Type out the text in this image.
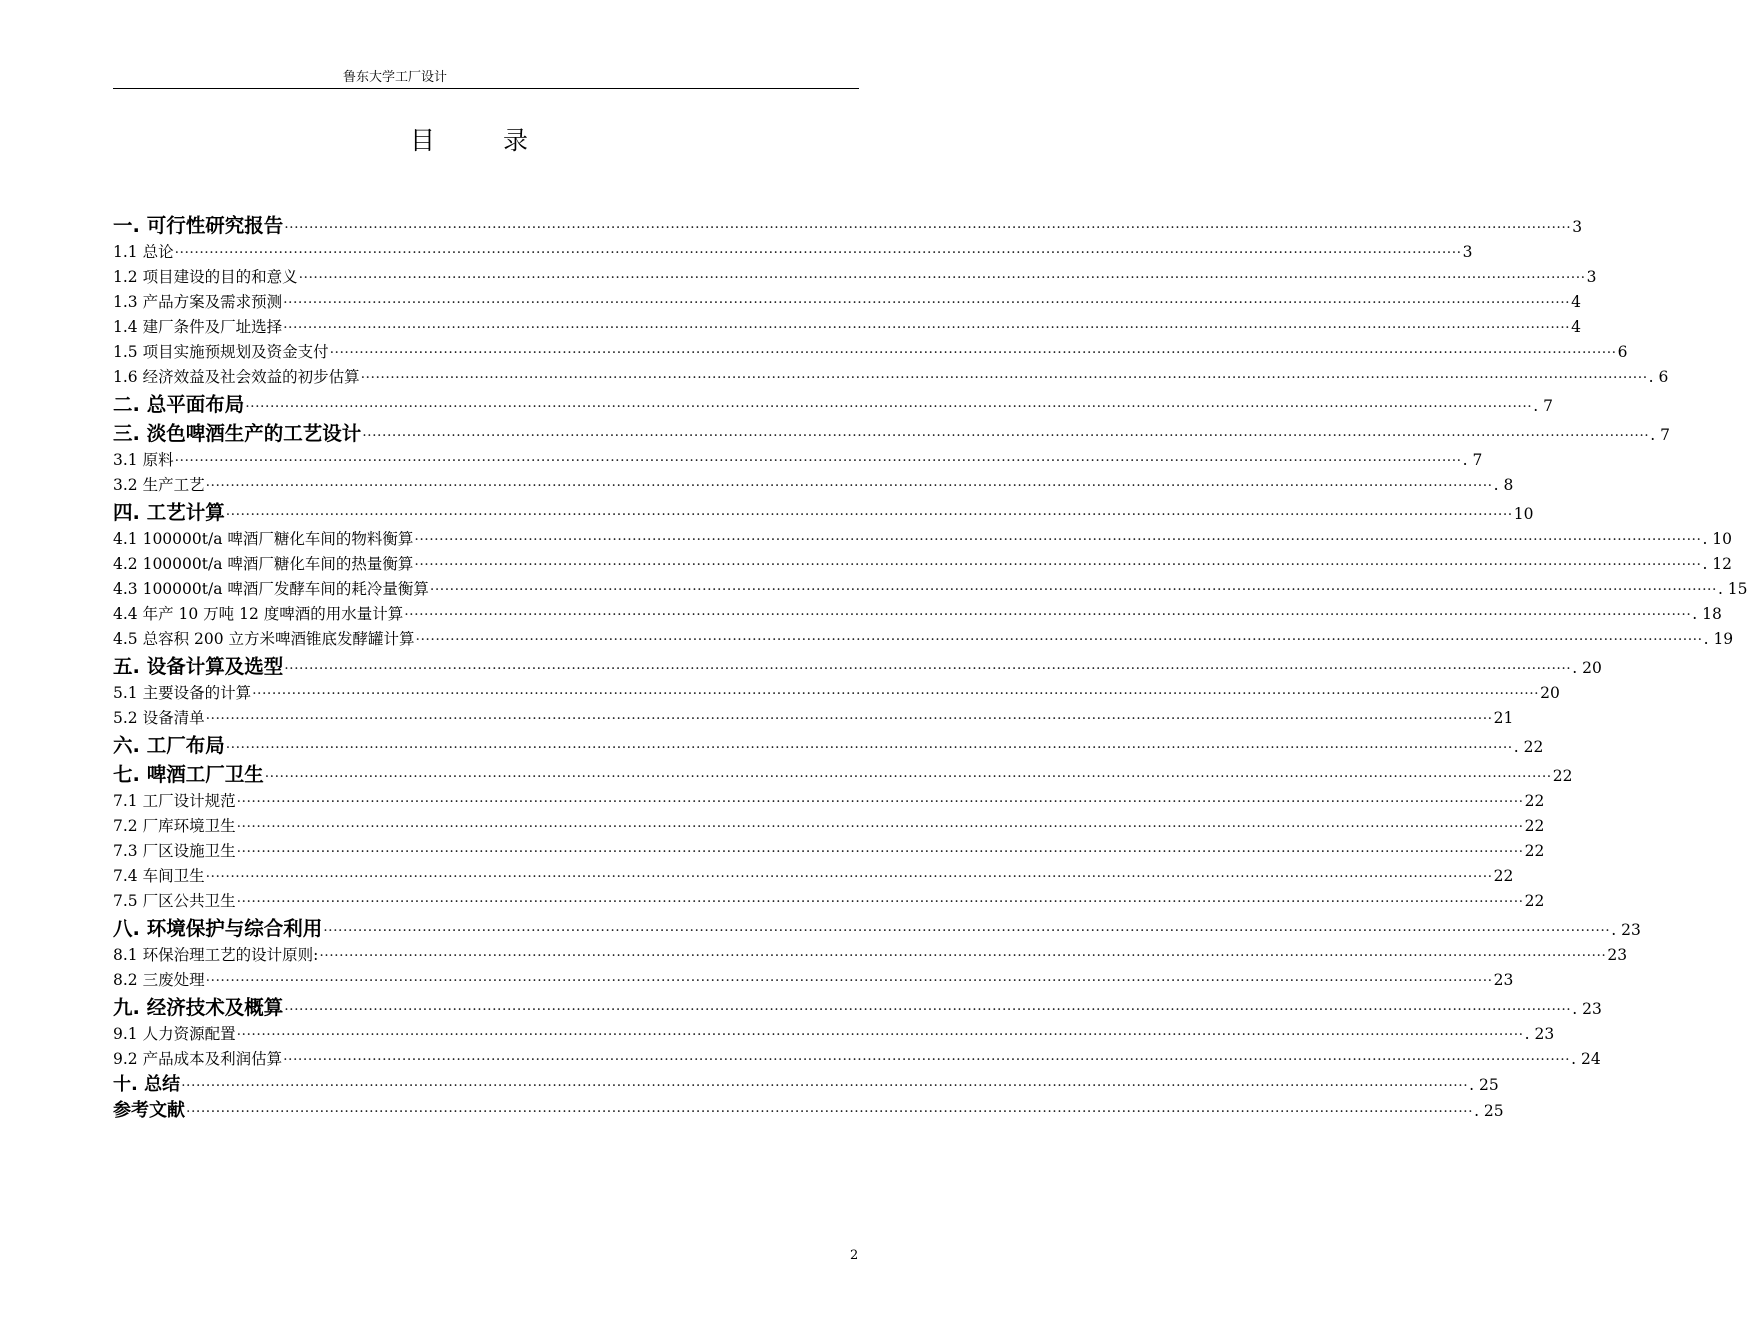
鲁东大学工厂设计
目 录
一. 可行性研究报告 ···································································································································································································································································· 3
1.1 总论 ···································································································································································································································································· 3
1.2 项目建设的目的和意义 ···································································································································································································································································· 3
1.3 产品方案及需求预测 ···································································································································································································································································· 4
1.4 建厂条件及厂址选择 ···································································································································································································································································· 4
1.5 项目实施预规划及资金支付 ···································································································································································································································································· 6
1.6 经济效益及社会效益的初步估算 ···································································································································································································································································· . 6
二. 总平面布局 ···································································································································································································································································· . 7
三. 淡色啤酒生产的工艺设计 ···································································································································································································································································· . 7
3.1 原料 ···································································································································································································································································· . 7
3.2 生产工艺 ···································································································································································································································································· . 8
四. 工艺计算 ···································································································································································································································································· 10
4.1 100000t/a 啤酒厂糖化车间的物料衡算 ···································································································································································································································································· . 10
4.2 100000t/a 啤酒厂糖化车间的热量衡算 ···································································································································································································································································· . 12
4.3 100000t/a 啤酒厂发酵车间的耗冷量衡算 ···································································································································································································································································· . 15
4.4 年产 10 万吨 12 度啤酒的用水量计算 ···································································································································································································································································· . 18
4.5 总容积 200 立方米啤酒锥底发酵罐计算 ···································································································································································································································································· . 19
五. 设备计算及选型 ···································································································································································································································································· . 20
5.1 主要设备的计算 ···································································································································································································································································· 20
5.2 设备清单 ···································································································································································································································································· 21
六. 工厂布局 ···································································································································································································································································· . 22
七. 啤酒工厂卫生 ···································································································································································································································································· 22
7.1 工厂设计规范 ···································································································································································································································································· 22
7.2 厂库环境卫生 ···································································································································································································································································· 22
7.3 厂区设施卫生 ···································································································································································································································································· 22
7.4 车间卫生 ···································································································································································································································································· 22
7.5 厂区公共卫生 ···································································································································································································································································· 22
八. 环境保护与综合利用 ···································································································································································································································································· . 23
8.1 环保治理工艺的设计原则: ···································································································································································································································································· 23
8.2 三废处理 ···································································································································································································································································· 23
九. 经济技术及概算 ···································································································································································································································································· . 23
9.1 人力资源配置 ···································································································································································································································································· . 23
9.2 产品成本及利润估算 ···································································································································································································································································· . 24
十. 总结 ···································································································································································································································································· . 25
参考文献 ···································································································································································································································································· . 25
2
